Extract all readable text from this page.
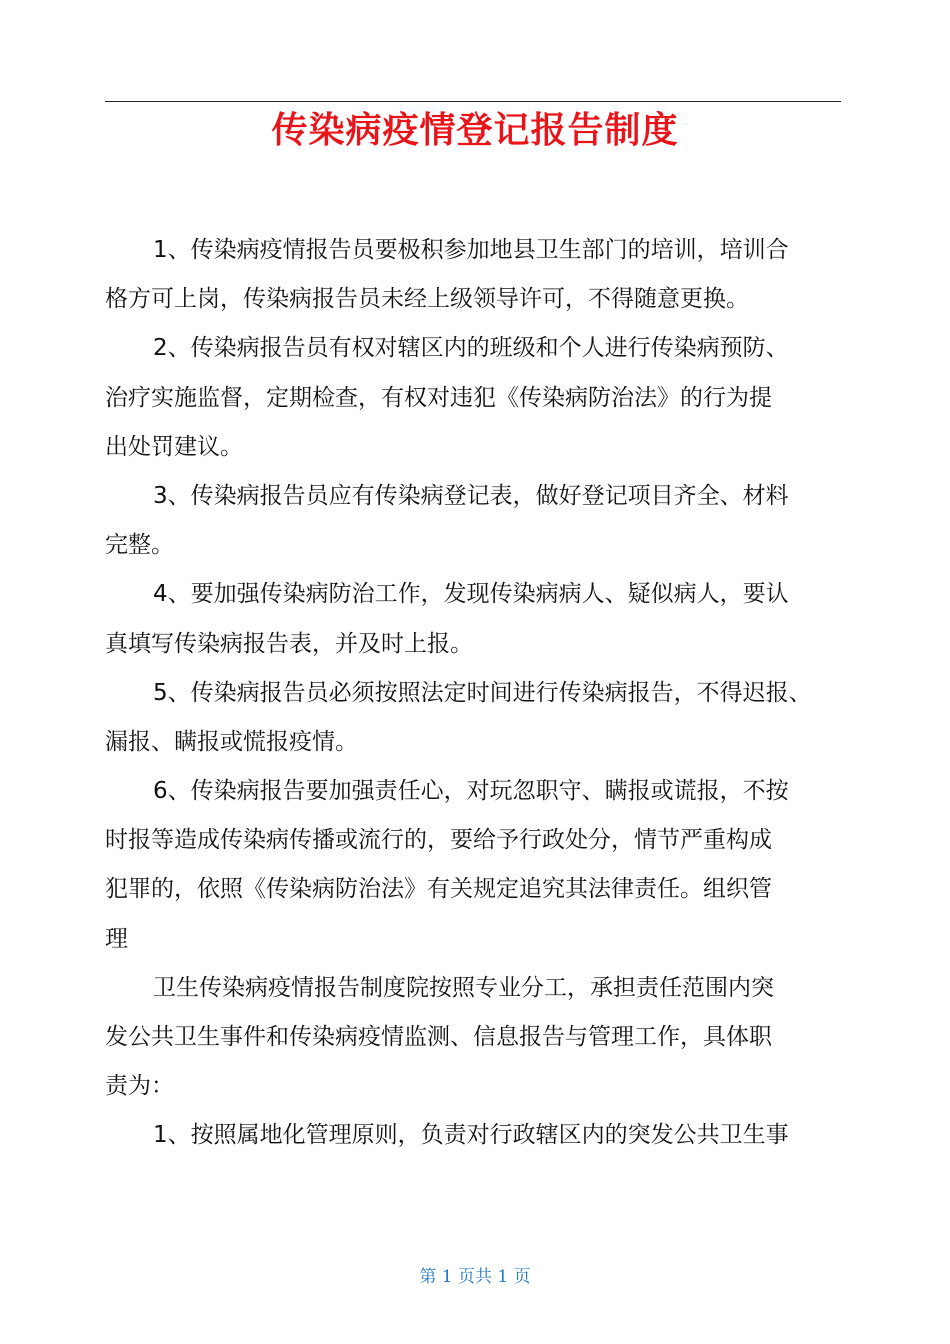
传染病疫情登记报告制度
1、传染病疫情报告员要极积参加地县卫生部门的培训，培训合
格方可上岗，传染病报告员未经上级领导许可，不得随意更换。
2、传染病报告员有权对辖区内的班级和个人进行传染病预防、
治疗实施监督，定期检查，有权对违犯《传染病防治法》的行为提
出处罚建议。
3、传染病报告员应有传染病登记表，做好登记项目齐全、材料
完整。
4、要加强传染病防治工作，发现传染病病人、疑似病人，要认
真填写传染病报告表，并及时上报。
5、传染病报告员必须按照法定时间进行传染病报告，不得迟报、
漏报、瞒报或慌报疫情。
6、传染病报告要加强责任心，对玩忽职守、瞒报或谎报，不按
时报等造成传染病传播或流行的，要给予行政处分，情节严重构成
犯罪的，依照《传染病防治法》有关规定追究其法律责任。组织管
理
卫生传染病疫情报告制度院按照专业分工，承担责任范围内突
发公共卫生事件和传染病疫情监测、信息报告与管理工作，具体职
责为：
1、按照属地化管理原则，负责对行政辖区内的突发公共卫生事
第 1 页共 1 页
